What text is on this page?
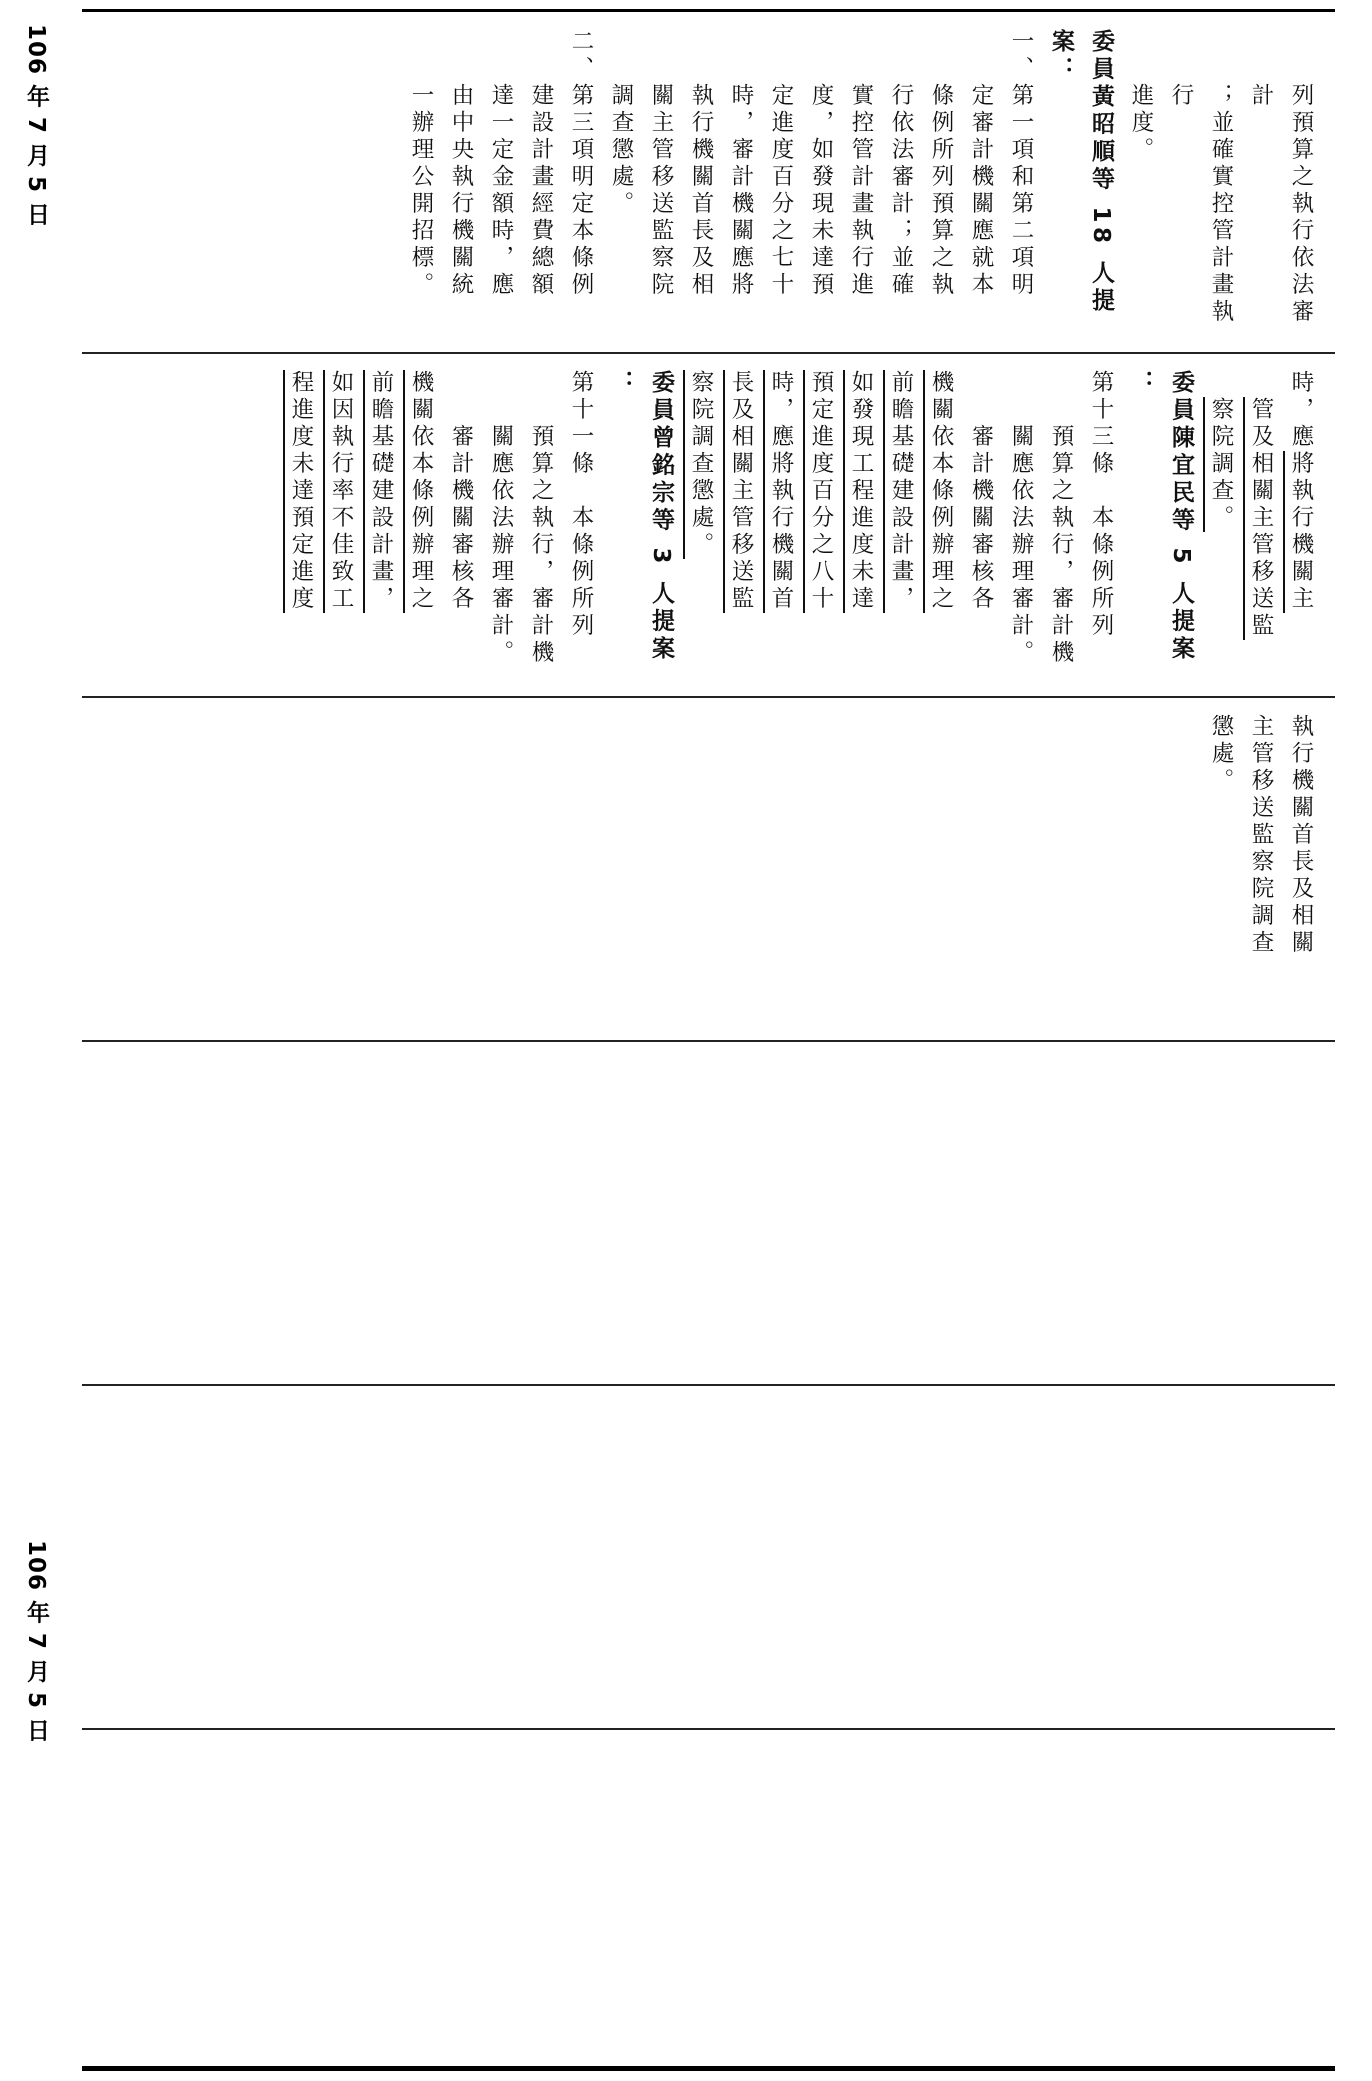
106 年 7 月 5 日
106 年 7 月 5 日
列預算之執行依法審計
；並確實控管計畫執行
進度。
委員黃昭順等 18 人提案：
一、第一項和第二項明
定審計機關應就本
條例所列預算之執
行依法審計；並確
實控管計畫執行進
度，如發現未達預
定進度百分之七十
時，審計機關應將
執行機關首長及相
關主管移送監察院
調查懲處。
二、第三項明定本條例
建設計畫經費總額
達一定金額時，應
由中央執行機關統
一辦理公開招標。
時，應將執行機關主
管及相關主管移送監
察院調查。
委員陳宜民等 5 人提案
：
第十三條　本條例所列
預算之執行，審計機
關應依法辦理審計。
審計機關審核各
機關依本條例辦理之
前瞻基礎建設計畫，
如發現工程進度未達
預定進度百分之八十
時，應將執行機關首
長及相關主管移送監
察院調查懲處。
委員曾銘宗等 3 人提案
：
第十一條　本條例所列
預算之執行，審計機
關應依法辦理審計。
審計機關審核各
機關依本條例辦理之
前瞻基礎建設計畫，
如因執行率不佳致工
程進度未達預定進度
執行機關首長及相關
主管移送監察院調查
懲處。
